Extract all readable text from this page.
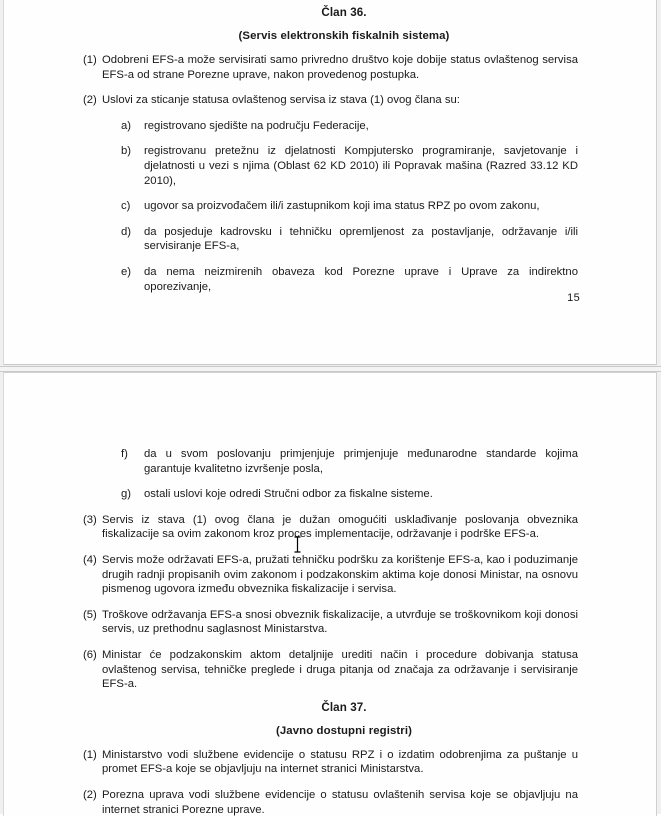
Član 36.
(Servis elektronskih fiskalnih sistema)
(1) Odobreni EFS-a može servisirati samo privredno društvo koje dobije status ovlaštenog servisa EFS-a od strane Porezne uprave, nakon provedenog postupka.
(2) Uslovi za sticanje statusa ovlaštenog servisa iz stava (1) ovog člana su:
a)	registrovano sjedište na području Federacije,
b)	registrovanu pretežnu iz djelatnosti Kompjutersko programiranje, savjetovanje i djelatnosti u vezi s njima (Oblast 62 KD 2010) ili Popravak mašina (Razred 33.12 KD 2010),
c)	ugovor sa proizvođačem ili/i zastupnikom koji ima status RPZ po ovom zakonu,
d)	da posjeduje kadrovsku i tehničku opremljenost za postavljanje, održavanje i/ili servisiranje EFS-a,
e)	da nema neizmirenih obaveza kod Porezne uprave i Uprave za indirektno oporezivanje,
15
f)	da u svom poslovanju primjenjuje primjenjuje međunarodne standarde kojima garantuje kvalitetno izvršenje posla,
g)	ostali uslovi koje odredi Stručni odbor za fiskalne sisteme.
(3) Servis iz stava (1) ovog člana je dužan omogućiti usklađivanje poslovanja obveznika fiskalizacije sa ovim zakonom kroz proces implementacije, održavanje i podrške EFS-a.
(4) Servis može održavati EFS-a, pružati tehničku podršku za korištenje EFS-a, kao i poduzimanje drugih radnji propisanih ovim zakonom i podzakonskim aktima koje donosi Ministar, na osnovu pismenog ugovora između obveznika fiskalizacije i servisa.
(5) Troškove održavanja EFS-a snosi obveznik fiskalizacije, a utvrđuje se troškovnikom koji donosi servis, uz prethodnu saglasnost Ministarstva.
(6) Ministar će podzakonskim aktom detaljnije urediti način i procedure dobivanja statusa ovlaštenog servisa, tehničke preglede i druga pitanja od značaja za održavanje i servisiranje EFS-a.
Član 37.
(Javno dostupni registri)
(1) Ministarstvo vodi službene evidencije o statusu RPZ i o izdatim odobrenjima za puštanje u promet EFS-a koje se objavljuju na internet stranici Ministarstva.
(2) Porezna uprava vodi službene evidencije o statusu ovlaštenih servisa koje se objavljuju na internet stranici Porezne uprave.
